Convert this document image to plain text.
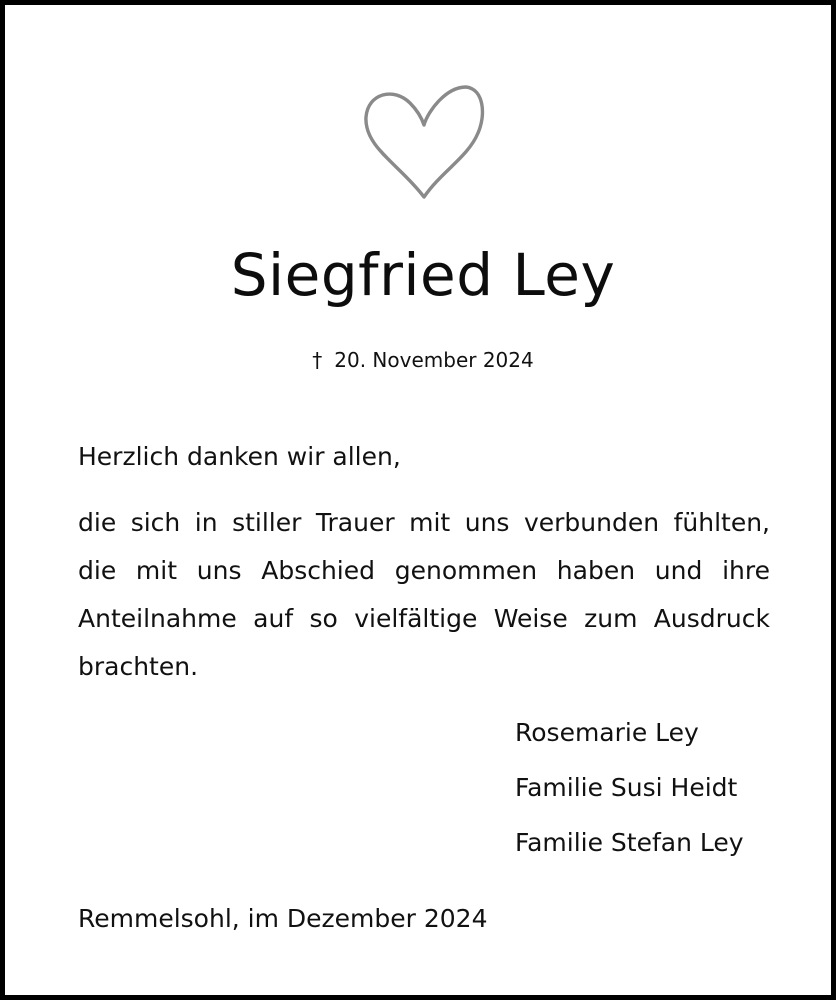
Siegfried Ley
† 20. November 2024
Herzlich danken wir allen,
die sich in stiller Trauer mit uns verbunden fühlten, die mit uns Abschied genommen haben und ihre Anteilnahme auf so vielfältige Weise zum Ausdruck brachten.
Rosemarie Ley
Familie Susi Heidt
Familie Stefan Ley
Remmelsohl, im Dezember 2024
